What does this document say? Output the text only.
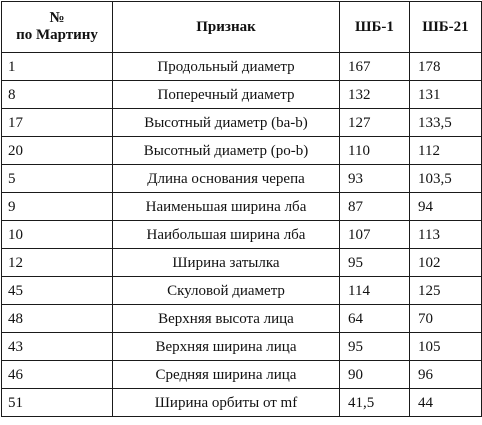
№
по Мартину	Признак	ШБ-1	ШБ-21
1	Продольный диаметр	167	178
8	Поперечный диаметр	132	131
17	Высотный диаметр (ba-b)	127	133,5
20	Высотный диаметр (po-b)	110	112
5	Длина основания черепа	93	103,5
9	Наименьшая ширина лба	87	94
10	Наибольшая ширина лба	107	113
12	Ширина затылка	95	102
45	Скуловой диаметр	114	125
48	Верхняя высота лица	64	70
43	Верхняя ширина лица	95	105
46	Средняя ширина лица	90	96
51	Ширина орбиты от mf	41,5	44
